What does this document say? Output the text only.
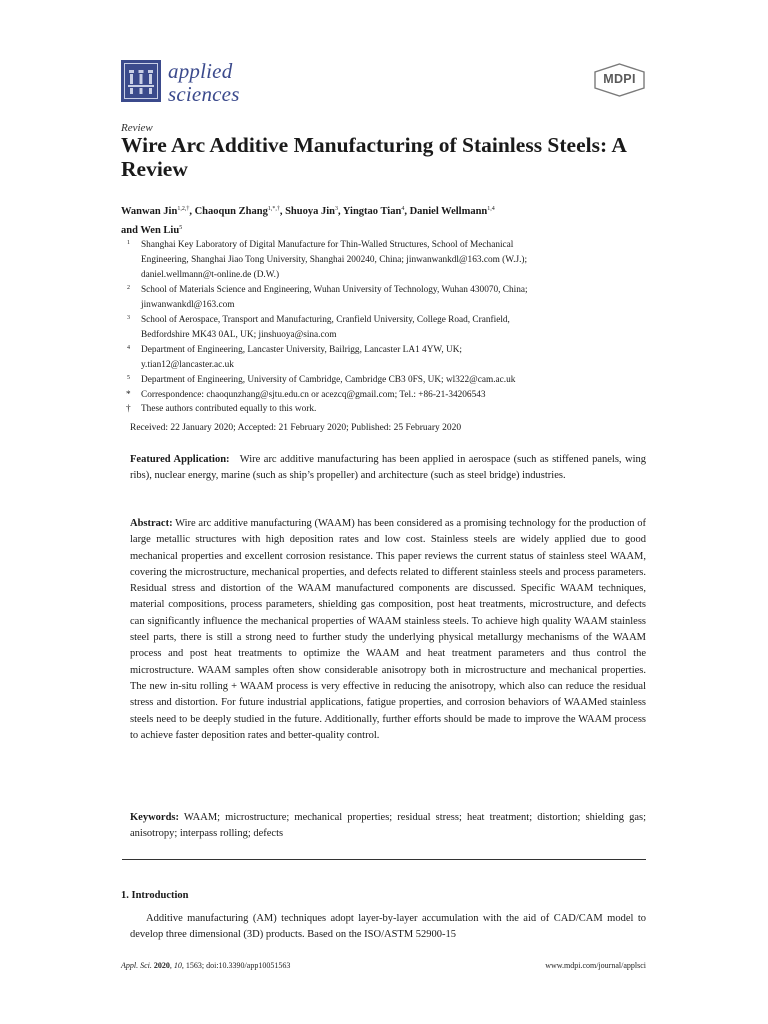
applied
sciences
MDPI
Review
Wire Arc Additive Manufacturing of Stainless Steels: A Review
Wanwan Jin$^{1,2,\dagger}$, Chaoqun Zhang$^{1,*,\dagger}$, Shuoya Jin$^3$, Yingtao Tian$^4$, Daniel Wellmann$^{1,4}$
and Wen Liu$^5$
1 Shanghai Key Laboratory of Digital Manufacture for Thin-Walled Structures, School of Mechanical
Engineering, Shanghai Jiao Tong University, Shanghai 200240, China; jinwanwankdl@163.com (W.J.);
daniel.wellmann@t-online.de (D.W.)
2 School of Materials Science and Engineering, Wuhan University of Technology, Wuhan 430070, China;
jinwanwankdl@163.com
3 School of Aerospace, Transport and Manufacturing, Cranfield University, College Road, Cranfield,
Bedfordshire MK43 0AL, UK; jinshuoya@sina.com
4 Department of Engineering, Lancaster University, Bailrigg, Lancaster LA1 4YW, UK;
y.tian12@lancaster.ac.uk
5 Department of Engineering, University of Cambridge, Cambridge CB3 0FS, UK; wl322@cam.ac.uk
* Correspondence: chaoqunzhang@sjtu.edu.cn or acezcq@gmail.com; Tel.: +86-21-34206543
† These authors contributed equally to this work.
Received: 22 January 2020; Accepted: 21 February 2020; Published: 25 February 2020
Featured Application: Wire arc additive manufacturing has been applied in aerospace (such as stiffened panels, wing ribs), nuclear energy, marine (such as ship’s propeller) and architecture (such as steel bridge) industries.
Abstract: Wire arc additive manufacturing (WAAM) has been considered as a promising technology for the production of large metallic structures with high deposition rates and low cost. Stainless steels are widely applied due to good mechanical properties and excellent corrosion resistance. This paper reviews the current status of stainless steel WAAM, covering the microstructure, mechanical properties, and defects related to different stainless steels and process parameters. Residual stress and distortion of the WAAM manufactured components are discussed. Specific WAAM techniques, material compositions, process parameters, shielding gas composition, post heat treatments, microstructure, and defects can significantly influence the mechanical properties of WAAM stainless steels. To achieve high quality WAAM stainless steel parts, there is still a strong need to further study the underlying physical metallurgy mechanisms of the WAAM process and post heat treatments to optimize the WAAM and heat treatment parameters and thus control the microstructure. WAAM samples often show considerable anisotropy both in microstructure and mechanical properties. The new in-situ rolling + WAAM process is very effective in reducing the anisotropy, which also can reduce the residual stress and distortion. For future industrial applications, fatigue properties, and corrosion behaviors of WAAMed stainless steels need to be deeply studied in the future. Additionally, further efforts should be made to improve the WAAM process to achieve faster deposition rates and better-quality control.
Keywords: WAAM; microstructure; mechanical properties; residual stress; heat treatment; distortion; shielding gas; anisotropy; interpass rolling; defects
1. Introduction
Additive manufacturing (AM) techniques adopt layer-by-layer accumulation with the aid of CAD/CAM model to develop three dimensional (3D) products. Based on the ISO/ASTM 52900-15
Appl. Sci. 2020, 10, 1563; doi:10.3390/app10051563	www.mdpi.com/journal/applsci
